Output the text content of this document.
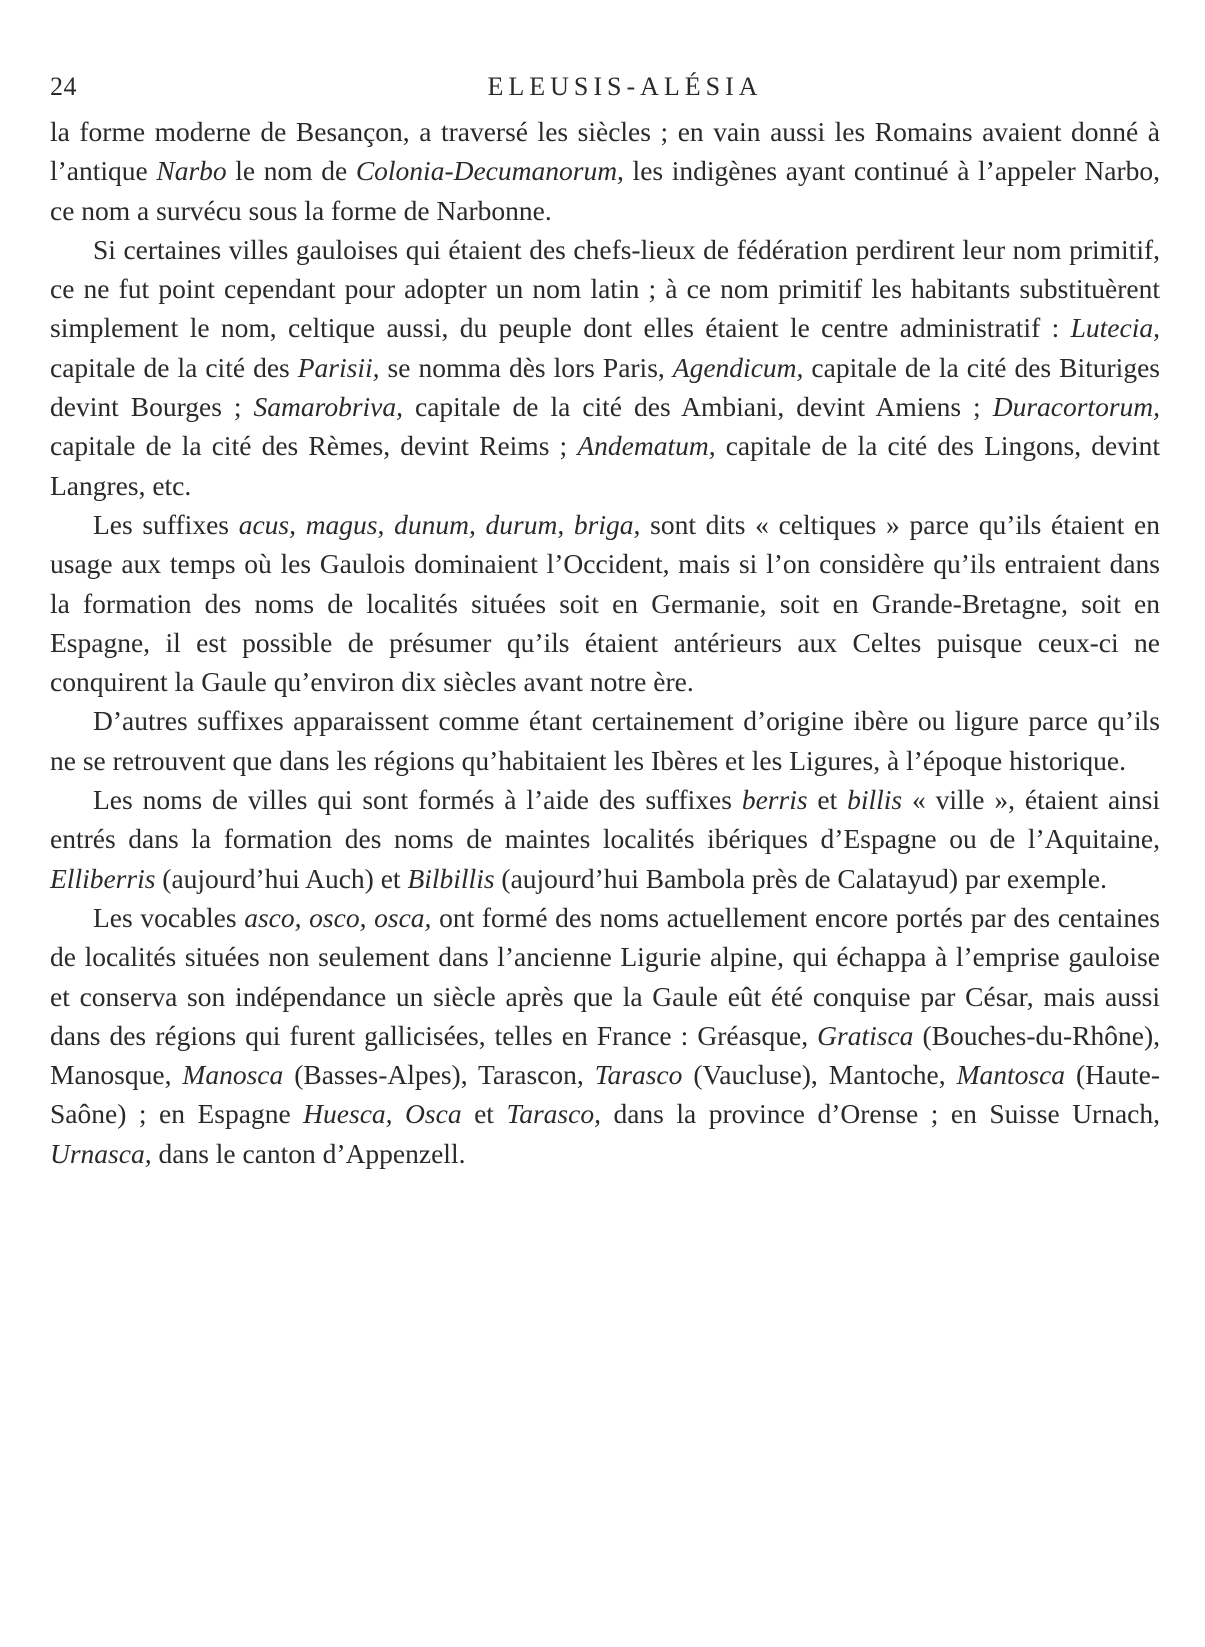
24	ELEUSIS-ALÉSIA

la forme moderne de Besançon, a traversé les siècles ; en vain aussi les Romains avaient donné à l’antique Narbo le nom de Colonia-Decumanorum, les indigènes ayant continué à l’appeler Narbo, ce nom a survécu sous la forme de Narbonne.

Si certaines villes gauloises qui étaient des chefs-lieux de fédération perdirent leur nom primitif, ce ne fut point cependant pour adopter un nom latin ; à ce nom primitif les habitants substituèrent simplement le nom, celtique aussi, du peuple dont elles étaient le centre administratif : Lutecia, capitale de la cité des Parisii, se nomma dès lors Paris, Agendicum, capitale de la cité des Bituriges devint Bourges ; Samarobriva, capitale de la cité des Ambiani, devint Amiens ; Duracortorum, capitale de la cité des Rèmes, devint Reims ; Andematum, capitale de la cité des Lingons, devint Langres, etc.

Les suffixes acus, magus, dunum, durum, briga, sont dits « celtiques » parce qu’ils étaient en usage aux temps où les Gaulois dominaient l’Occident, mais si l’on considère qu’ils entraient dans la formation des noms de localités situées soit en Germanie, soit en Grande-Bretagne, soit en Espagne, il est possible de présumer qu’ils étaient antérieurs aux Celtes puisque ceux-ci ne conquirent la Gaule qu’environ dix siècles avant notre ère.

D’autres suffixes apparaissent comme étant certainement d’origine ibère ou ligure parce qu’ils ne se retrouvent que dans les régions qu’habitaient les Ibères et les Ligures, à l’époque historique.

Les noms de villes qui sont formés à l’aide des suffixes berris et billis « ville », étaient ainsi entrés dans la formation des noms de maintes localités ibériques d’Espagne ou de l’Aquitaine, Elliberris (aujourd’hui Auch) et Bilbillis (aujourd’hui Bambola près de Calatayud) par exemple.

Les vocables asco, osco, osca, ont formé des noms actuellement encore portés par des centaines de localités situées non seulement dans l’ancienne Ligurie alpine, qui échappa à l’emprise gauloise et conserva son indépendance un siècle après que la Gaule eût été conquise par César, mais aussi dans des régions qui furent gallicisées, telles en France : Gréasque, Gratisca (Bouches-du-Rhône), Manosque, Manosca (Basses-Alpes), Tarascon, Tarasco (Vaucluse), Mantoche, Mantosca (Haute-Saône) ; en Espagne Huesca, Osca et Tarasco, dans la province d’Orense ; en Suisse Urnach, Urnasca, dans le canton d’Appenzell.
